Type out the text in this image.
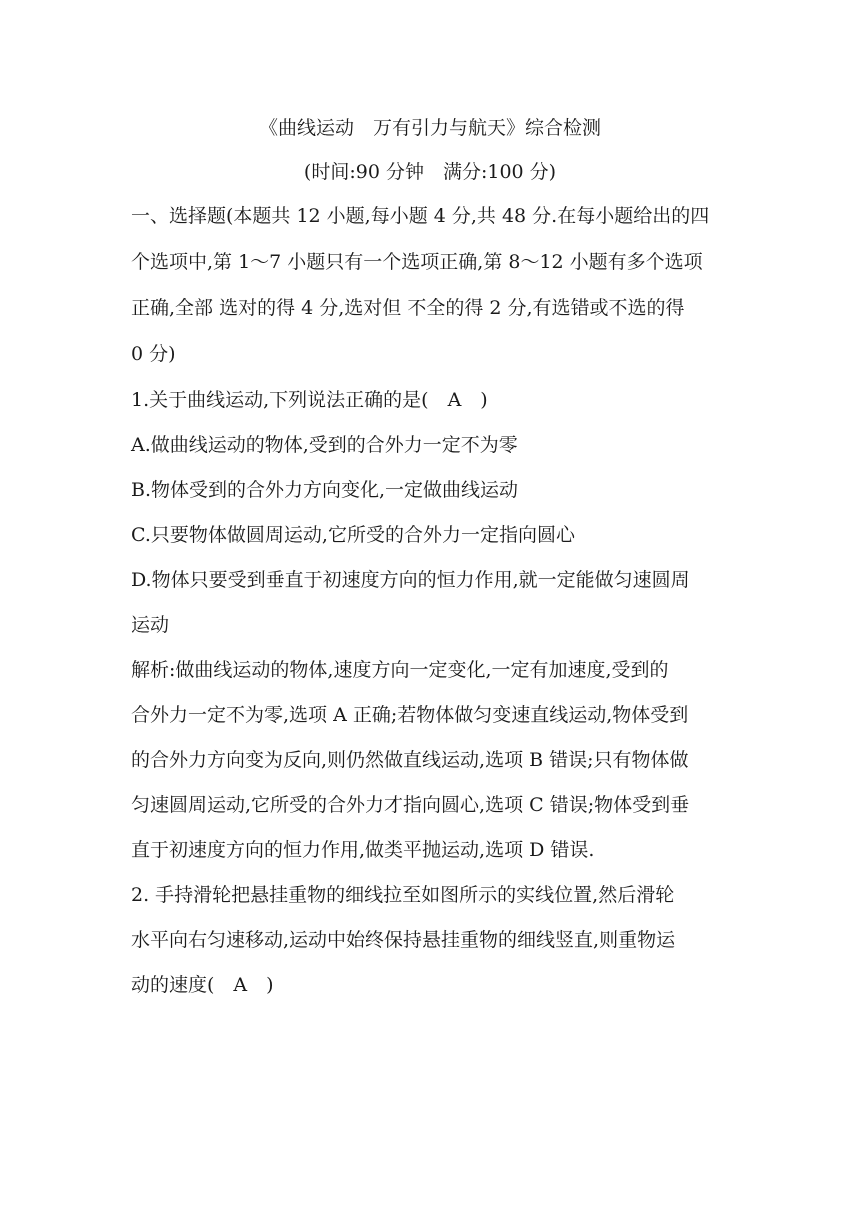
《曲线运动　万有引力与航天》综合检测
(时间:90 分钟　满分:100 分)
一、选择题(本题共 12 小题,每小题 4 分,共 48 分.在每小题给出的四
个选项中,第 1～7 小题只有一个选项正确,第 8～12 小题有多个选项
正确,全部 选对的得 4 分,选对但 不全的得 2 分,有选错或不选的得
0 分)
1.关于曲线运动,下列说法正确的是(　A　)
A.做曲线运动的物体,受到的合外力一定不为零
B.物体受到的合外力方向变化,一定做曲线运动
C.只要物体做圆周运动,它所受的合外力一定指向圆心
D.物体只要受到垂直于初速度方向的恒力作用,就一定能做匀速圆周
运动
解析:做曲线运动的物体,速度方向一定变化,一定有加速度,受到的
合外力一定不为零,选项 A 正确;若物体做匀变速直线运动,物体受到
的合外力方向变为反向,则仍然做直线运动,选项 B 错误;只有物体做
匀速圆周运动,它所受的合外力才指向圆心,选项 C 错误;物体受到垂
直于初速度方向的恒力作用,做类平抛运动,选项 D 错误.
2. 手持滑轮把悬挂重物的细线拉至如图所示的实线位置,然后滑轮
水平向右匀速移动,运动中始终保持悬挂重物的细线竖直,则重物运
动的速度(　A　)
